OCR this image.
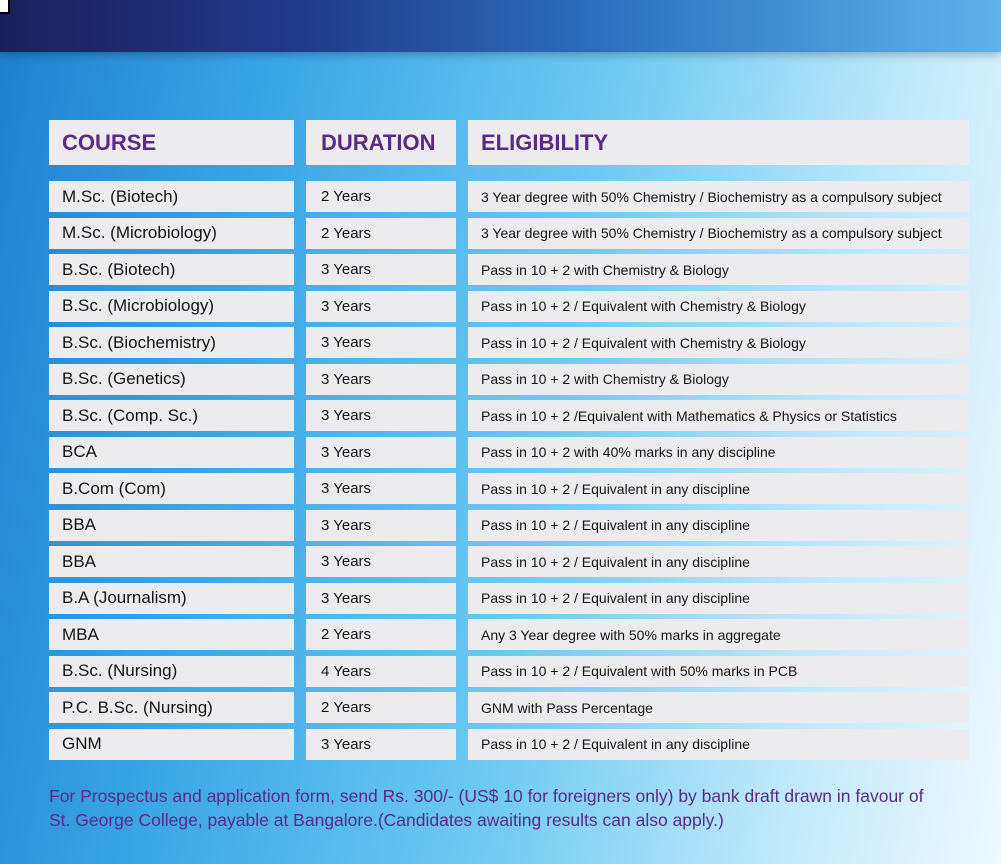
COURSE	DURATION	ELIGIBILITY
M.Sc. (Biotech)	2 Years	3 Year degree with 50% Chemistry / Biochemistry as a compulsory subject
M.Sc. (Microbiology)	2 Years	3 Year degree with 50% Chemistry / Biochemistry as a compulsory subject
B.Sc. (Biotech)	3 Years	Pass in 10 + 2 with Chemistry & Biology
B.Sc. (Microbiology)	3 Years	Pass in 10 + 2 / Equivalent with Chemistry & Biology
B.Sc. (Biochemistry)	3 Years	Pass in 10 + 2 / Equivalent with Chemistry & Biology
B.Sc. (Genetics)	3 Years	Pass in 10 + 2 with Chemistry & Biology
B.Sc. (Comp. Sc.)	3 Years	Pass in 10 + 2 /Equivalent with Mathematics & Physics or Statistics
BCA	3 Years	Pass in 10 + 2 with 40% marks in any discipline
B.Com (Com)	3 Years	Pass in 10 + 2 / Equivalent in any discipline
BBA	3 Years	Pass in 10 + 2 / Equivalent in any discipline
BBA	3 Years	Pass in 10 + 2 / Equivalent in any discipline
B.A (Journalism)	3 Years	Pass in 10 + 2 / Equivalent in any discipline
MBA	2 Years	Any 3 Year degree with 50% marks in aggregate
B.Sc. (Nursing)	4 Years	Pass in 10 + 2 / Equivalent with 50% marks in PCB
P.C. B.Sc. (Nursing)	2 Years	GNM with Pass Percentage
GNM	3 Years	Pass in 10 + 2 / Equivalent in any discipline
For Prospectus and application form, send Rs. 300/- (US$ 10 for foreigners only) by bank draft drawn in favour of
St. George College, payable at Bangalore.(Candidates awaiting results can also apply.)
